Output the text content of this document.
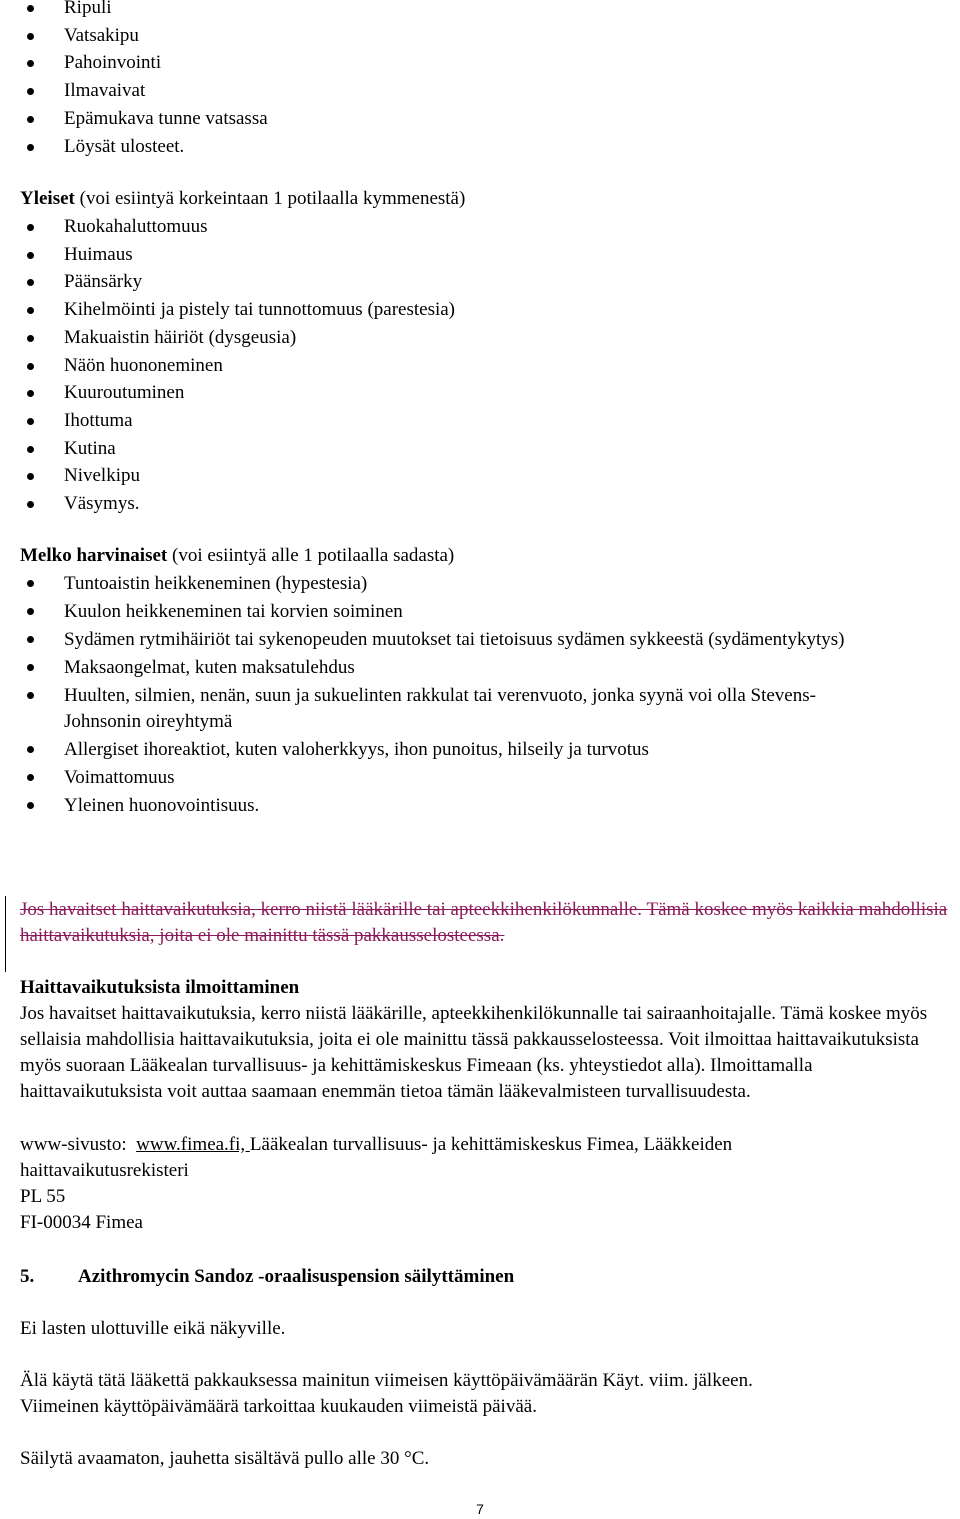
Ripuli
Vatsakipu
Pahoinvointi
Ilmavaivat
Epämukava tunne vatsassa
Löysät ulosteet.

Yleiset (voi esiintyä korkeintaan 1 potilaalla kymmenestä)

Ruokahaluttomuus
Huimaus
Päänsärky
Kihelmöinti ja pistely tai tunnottomuus (parestesia)
Makuaistin häiriöt (dysgeusia)
Näön huononeminen
Kuuroutuminen
Ihottuma
Kutina
Nivelkipu
Väsymys.

Melko harvinaiset (voi esiintyä alle 1 potilaalla sadasta)

Tuntoaistin heikkeneminen (hypestesia)
Kuulon heikkeneminen tai korvien soiminen
Sydämen rytmihäiriöt tai sykenopeuden muutokset tai tietoisuus sydämen sykkeestä (sydämentykytys)
Maksaongelmat, kuten maksatulehdus
Huulten, silmien, nenän, suun ja sukuelinten rakkulat tai verenvuoto, jonka syynä voi olla Stevens-Johnsonin oireyhtymä
Allergiset ihoreaktiot, kuten valoherkkyys, ihon punoitus, hilseily ja turvotus
Voimattomuus
Yleinen huonovointisuus.

Jos havaitset haittavaikutuksia, kerro niistä lääkärille tai apteekkihenkilökunnalle. Tämä koskee myös kaikkia mahdollisia haittavaikutuksia, joita ei ole mainittu tässä pakkausselosteessa.

Haittavaikutuksista ilmoittaminen

Jos havaitset haittavaikutuksia, kerro niistä lääkärille, apteekkihenkilökunnalle tai sairaanhoitajalle. Tämä koskee myös sellaisia mahdollisia haittavaikutuksia, joita ei ole mainittu tässä pakkausselosteessa. Voit ilmoittaa haittavaikutuksista myös suoraan Lääkealan turvallisuus- ja kehittämiskeskus Fimeaan (ks. yhteystiedot alla). Ilmoittamalla haittavaikutuksista voit auttaa saamaan enemmän tietoa tämän lääkevalmisteen turvallisuudesta.

www-sivusto:  www.fimea.fi, Lääkealan turvallisuus- ja kehittämiskeskus Fimea, Lääkkeiden haittavaikutusrekisteri

PL 55

FI-00034 Fimea

5. Azithromycin Sandoz -oraalisuspension säilyttäminen

Ei lasten ulottuville eikä näkyville.

Älä käytä tätä lääkettä pakkauksessa mainitun viimeisen käyttöpäivämäärän Käyt. viim. jälkeen.

Viimeinen käyttöpäivämäärä tarkoittaa kuukauden viimeistä päivää.

Säilytä avaamaton, jauhetta sisältävä pullo alle 30 °C.

7
